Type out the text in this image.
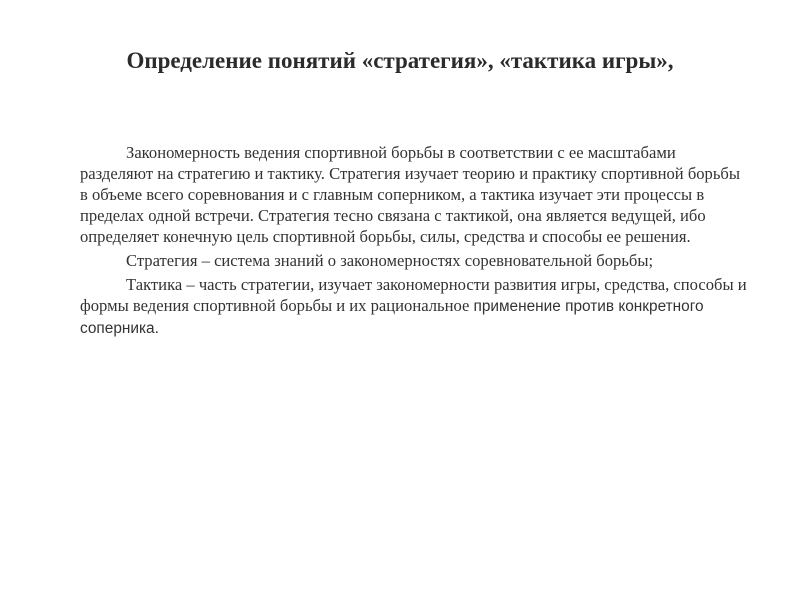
Определение понятий «стратегия», «тактика игры»,

Закономерность ведения спортивной борьбы в соответствии с ее масштабами разделяют на стратегию и тактику. Стратегия изучает теорию и практику спортивной борьбы в объеме всего соревнования и с главным соперником, а тактика изучает эти процессы в пределах одной встречи. Стратегия тесно связана с тактикой, она является ведущей, ибо определяет конечную цель спортивной борьбы, силы, средства и способы ее решения.

Стратегия – система знаний о закономерностях соревновательной борьбы;

Тактика – часть стратегии, изучает закономерности развития игры, средства, способы и формы ведения спортивной борьбы и их рациональное применение против конкретного соперника.
